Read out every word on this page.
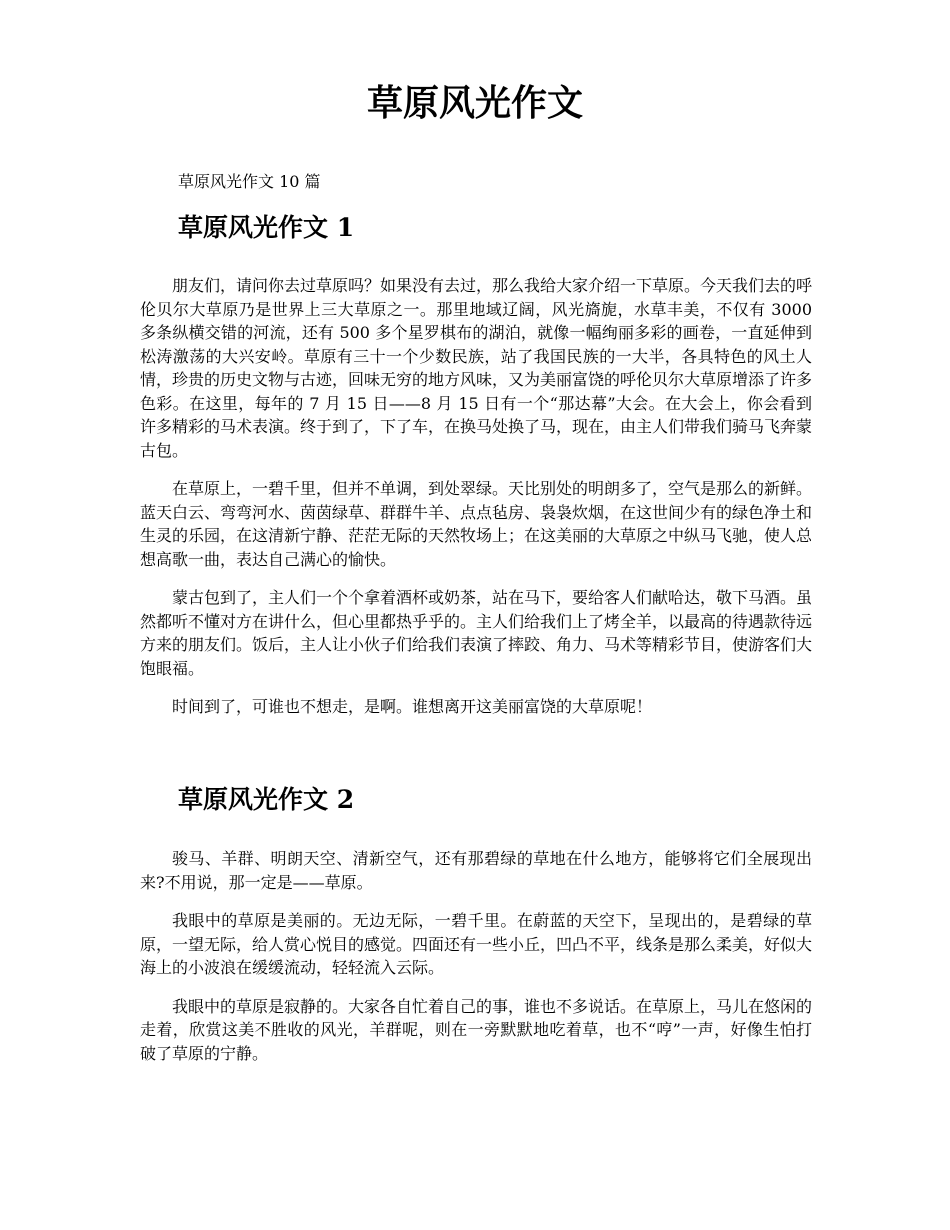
草原风光作文

草原风光作文 10 篇

草原风光作文 1

朋友们，请问你去过草原吗？如果没有去过，那么我给大家介绍一下草原。今天我们去的呼伦贝尔大草原乃是世界上三大草原之一。那里地域辽阔，风光旖旎，水草丰美，不仅有 3000 多条纵横交错的河流，还有 500 多个星罗棋布的湖泊，就像一幅绚丽多彩的画卷，一直延伸到松涛激荡的大兴安岭。草原有三十一个少数民族，站了我国民族的一大半，各具特色的风土人情，珍贵的历史文物与古迹，回味无穷的地方风味，又为美丽富饶的呼伦贝尔大草原增添了许多色彩。在这里，每年的 7 月 15 日——8 月 15 日有一个“那达幕”大会。在大会上，你会看到许多精彩的马术表演。终于到了，下了车，在换马处换了马，现在，由主人们带我们骑马飞奔蒙古包。

在草原上，一碧千里，但并不单调，到处翠绿。天比别处的明朗多了，空气是那么的新鲜。蓝天白云、弯弯河水、茵茵绿草、群群牛羊、点点毡房、袅袅炊烟，在这世间少有的绿色净土和生灵的乐园，在这清新宁静、茫茫无际的天然牧场上；在这美丽的大草原之中纵马飞驰，使人总想高歌一曲，表达自己满心的愉快。

蒙古包到了，主人们一个个拿着酒杯或奶茶，站在马下，要给客人们献哈达，敬下马酒。虽然都听不懂对方在讲什么，但心里都热乎乎的。主人们给我们上了烤全羊，以最高的待遇款待远方来的朋友们。饭后，主人让小伙子们给我们表演了摔跤、角力、马术等精彩节目，使游客们大饱眼福。

时间到了，可谁也不想走，是啊。谁想离开这美丽富饶的大草原呢！

草原风光作文 2

骏马、羊群、明朗天空、清新空气，还有那碧绿的草地在什么地方，能够将它们全展现出来?不用说，那一定是——草原。

我眼中的草原是美丽的。无边无际，一碧千里。在蔚蓝的天空下，呈现出的，是碧绿的草原，一望无际，给人赏心悦目的感觉。四面还有一些小丘，凹凸不平，线条是那么柔美，好似大海上的小波浪在缓缓流动，轻轻流入云际。

我眼中的草原是寂静的。大家各自忙着自己的事，谁也不多说话。在草原上，马儿在悠闲的走着，欣赏这美不胜收的风光，羊群呢，则在一旁默默地吃着草，也不“哼”一声，好像生怕打破了草原的宁静。
